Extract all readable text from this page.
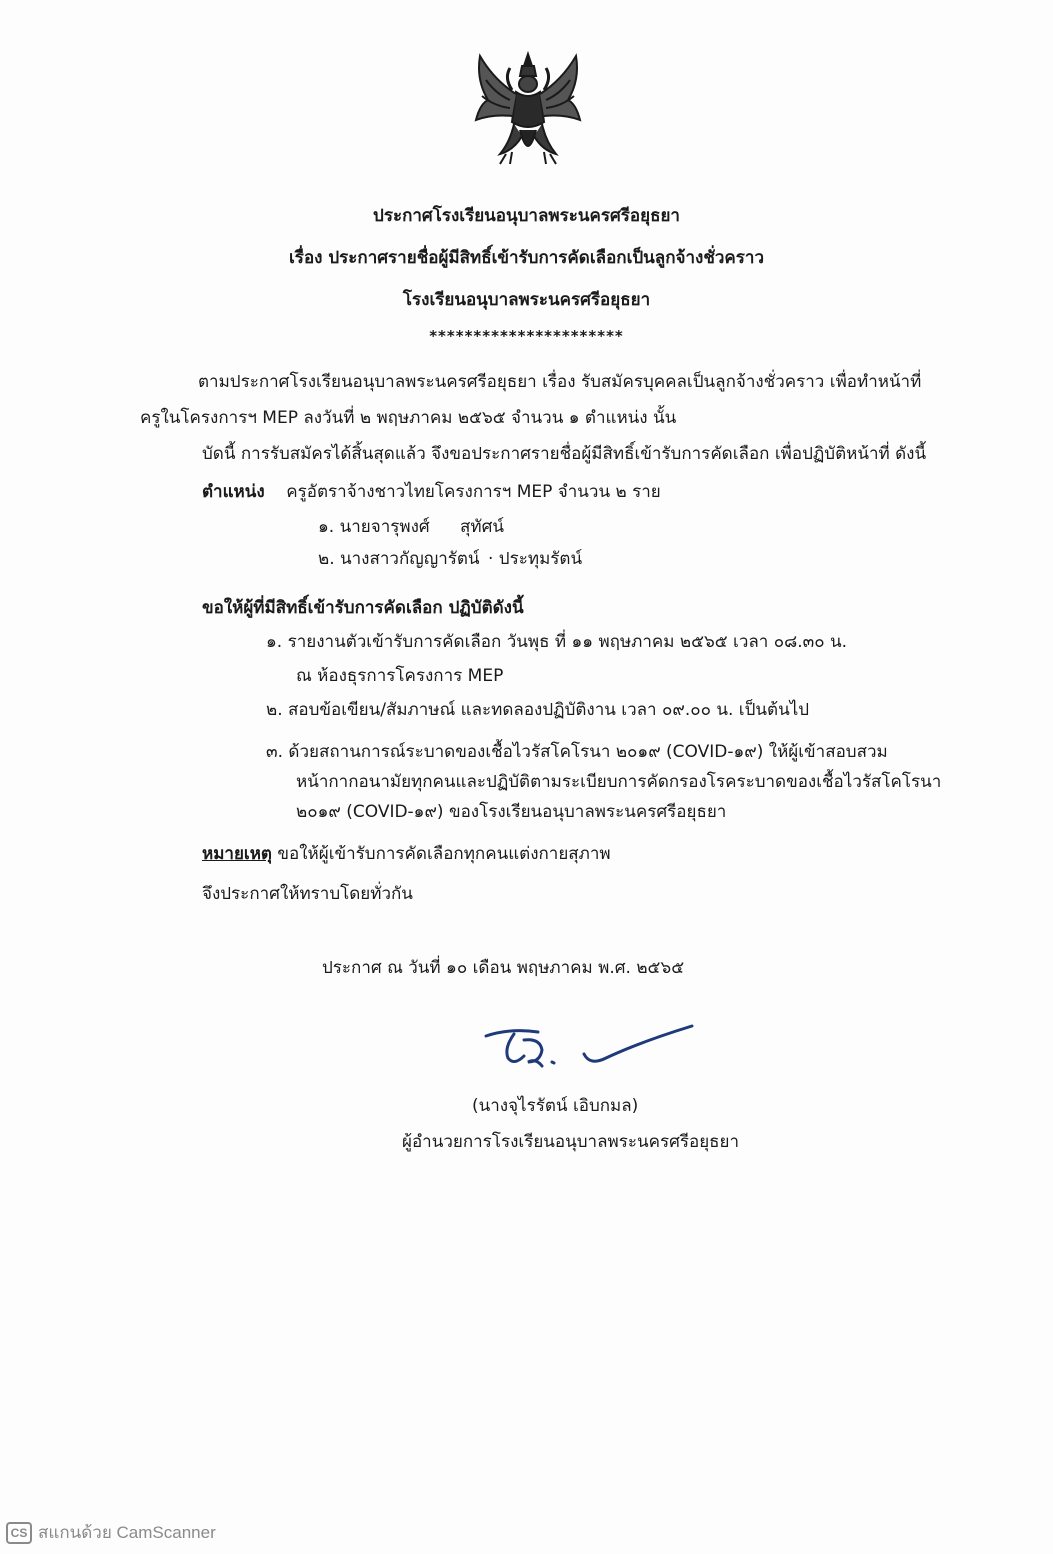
ประกาศโรงเรียนอนุบาลพระนครศรีอยุธยา
เรื่อง ประกาศรายชื่อผู้มีสิทธิ์เข้ารับการคัดเลือกเป็นลูกจ้างชั่วคราว
โรงเรียนอนุบาลพระนครศรีอยุธยา
**********************
ตามประกาศโรงเรียนอนุบาลพระนครศรีอยุธยา เรื่อง รับสมัครบุคคลเป็นลูกจ้างชั่วคราว เพื่อทำหน้าที่
ครูในโครงการฯ MEP ลงวันที่ ๒ พฤษภาคม ๒๕๖๕ จำนวน ๑ ตำแหน่ง นั้น
บัดนี้ การรับสมัครได้สิ้นสุดแล้ว จึงขอประกาศรายชื่อผู้มีสิทธิ์เข้ารับการคัดเลือก เพื่อปฏิบัติหน้าที่ ดังนี้
ตำแหน่ง ครูอัตราจ้างชาวไทยโครงการฯ MEP จำนวน ๒ ราย
๑. นายจารุพงศ์ สุทัศน์
๒. นางสาวกัญญารัตน์ · ประทุมรัตน์
ขอให้ผู้ที่มีสิทธิ์เข้ารับการคัดเลือก ปฏิบัติดังนี้
๑. รายงานตัวเข้ารับการคัดเลือก วันพุธ ที่ ๑๑ พฤษภาคม ๒๕๖๕ เวลา ๐๘.๓๐ น.
ณ ห้องธุรการโครงการ MEP
๒. สอบข้อเขียน/สัมภาษณ์ และทดลองปฏิบัติงาน เวลา ๐๙.๐๐ น. เป็นต้นไป
๓. ด้วยสถานการณ์ระบาดของเชื้อไวรัสโคโรนา ๒๐๑๙ (COVID-๑๙) ให้ผู้เข้าสอบสวม
หน้ากากอนามัยทุกคนและปฏิบัติตามระเบียบการคัดกรองโรคระบาดของเชื้อไวรัสโคโรนา
๒๐๑๙ (COVID-๑๙) ของโรงเรียนอนุบาลพระนครศรีอยุธยา
หมายเหตุ ขอให้ผู้เข้ารับการคัดเลือกทุกคนแต่งกายสุภาพ
จึงประกาศให้ทราบโดยทั่วกัน
ประกาศ ณ วันที่ ๑๐ เดือน พฤษภาคม พ.ศ. ๒๕๖๕
(นางจุไรรัตน์ เอิบกมล)
ผู้อำนวยการโรงเรียนอนุบาลพระนครศรีอยุธยา
CS สแกนด้วย CamScanner
